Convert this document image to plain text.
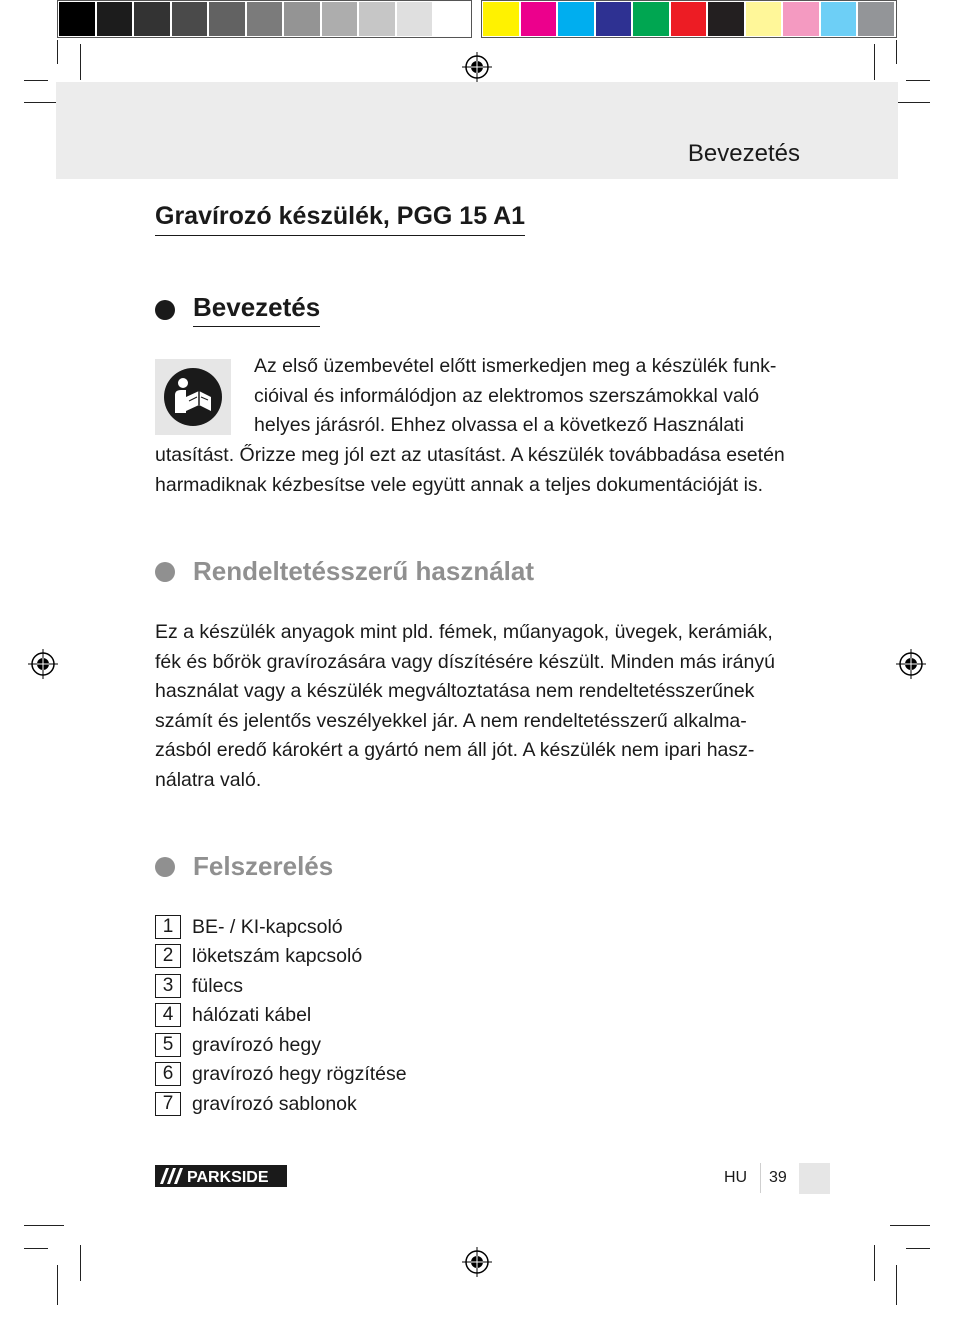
Bevezetés
Gravírozó készülék, PGG 15 A1
Bevezetés
Az első üzembevétel előtt ismerkedjen meg a készülék funk-
cióival és informálódjon az elektromos szerszámokkal való
helyes járásról. Ehhez olvassa el a következő Használati
utasítást. Őrizze meg jól ezt az utasítást. A készülék továbbadása esetén
harmadiknak kézbesítse vele együtt annak a teljes dokumentációját is.
Rendeltetésszerű használat
Ez a készülék anyagok mint pld. fémek, műanyagok, üvegek, kerámiák,
fék és bőrök gravírozására vagy díszítésére készült. Minden más irányú
használat vagy a készülék megváltoztatása nem rendeltetésszerűnek
számít és jelentős veszélyekkel jár. A nem rendeltetésszerű alkalma-
zásból eredő károkért a gyártó nem áll jót. A készülék nem ipari hasz-
nálatra való.
Felszerelés
1 BE- / KI-kapcsoló
2 löketszám kapcsoló
3 fülecs
4 hálózati kábel
5 gravírozó hegy
6 gravírozó hegy rögzítése
7 gravírozó sablonok
PARKSIDE	HU 39
